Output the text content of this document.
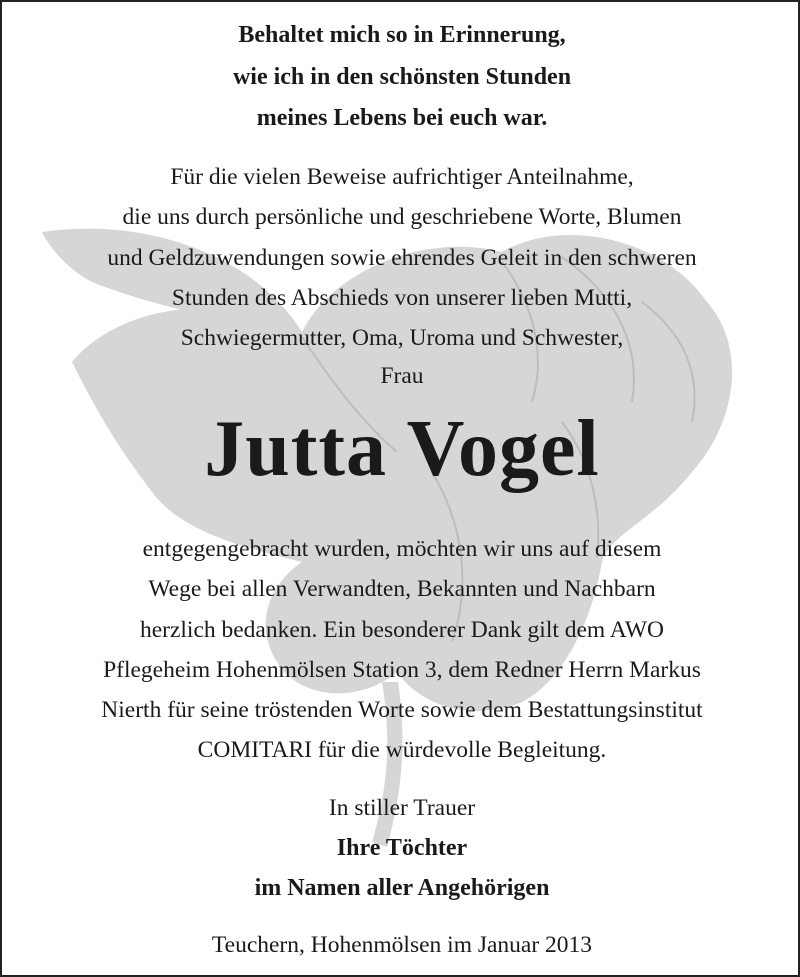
Behaltet mich so in Erinnerung,
wie ich in den schönsten Stunden
meines Lebens bei euch war.
Für die vielen Beweise aufrichtiger Anteilnahme,
die uns durch persönliche und geschriebene Worte, Blumen
und Geldzuwendungen sowie ehrendes Geleit in den schweren
Stunden des Abschieds von unserer lieben Mutti,
Schwiegermutter, Oma, Uroma und Schwester,
Frau
Jutta Vogel
entgegengebracht wurden, möchten wir uns auf diesem
Wege bei allen Verwandten, Bekannten und Nachbarn
herzlich bedanken. Ein besonderer Dank gilt dem AWO
Pflegeheim Hohenmölsen Station 3, dem Redner Herrn Markus
Nierth für seine tröstenden Worte sowie dem Bestattungsinstitut
COMITARI für die würdevolle Begleitung.
In stiller Trauer
Ihre Töchter
im Namen aller Angehörigen
Teuchern, Hohenmölsen im Januar 2013
